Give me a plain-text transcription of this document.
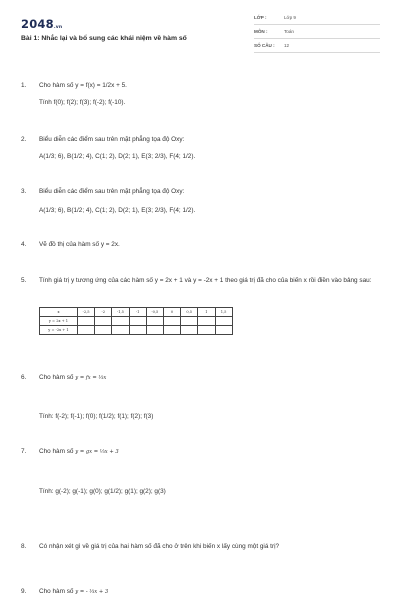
2048.vn
Bài 1: Nhắc lại và bổ sung các khái niệm về hàm số
LỚP :	Lớp 9
MÔN :	Toán
SỐ CÂU : 12
1. Cho hàm số y = f(x) = 1/2x + 5.
Tính f(0); f(2); f(3); f(-2); f(-10).
2. Biểu diễn các điểm sau trên mặt phẳng tọa độ Oxy:
A(1/3; 6), B(1/2; 4), C(1; 2), D(2; 1), E(3; 2/3), F(4; 1/2).
3. Biểu diễn các điểm sau trên mặt phẳng tọa độ Oxy:
A(1/3; 6), B(1/2; 4), C(1; 2), D(2; 1), E(3; 2/3), F(4; 1/2).
4. Vẽ đồ thị của hàm số y = 2x.
5. Tính giá trị y tương ứng của các hàm số y = 2x + 1 và y = -2x + 1 theo giá trị đã cho của biến x rồi điền vào bảng sau:
x	-2,5	-2	-1,5	-1	-0,5	0	0,5	1	1,5
y = 2x + 1									
y = -2x + 1									
6. Cho hàm số y = fx = ⅓x
Tính: f(-2); f(-1); f(0); f(1/2); f(1); f(2); f(3)
7. Cho hàm số y = gx = ⅓x + 3
Tính: g(-2); g(-1); g(0); g(1/2); g(1); g(2); g(3)
8. Có nhận xét gì về giá trị của hai hàm số đã cho ở trên khi biến x lấy cùng một giá trị?
9. Cho hàm số y = - ⅓x + 3
